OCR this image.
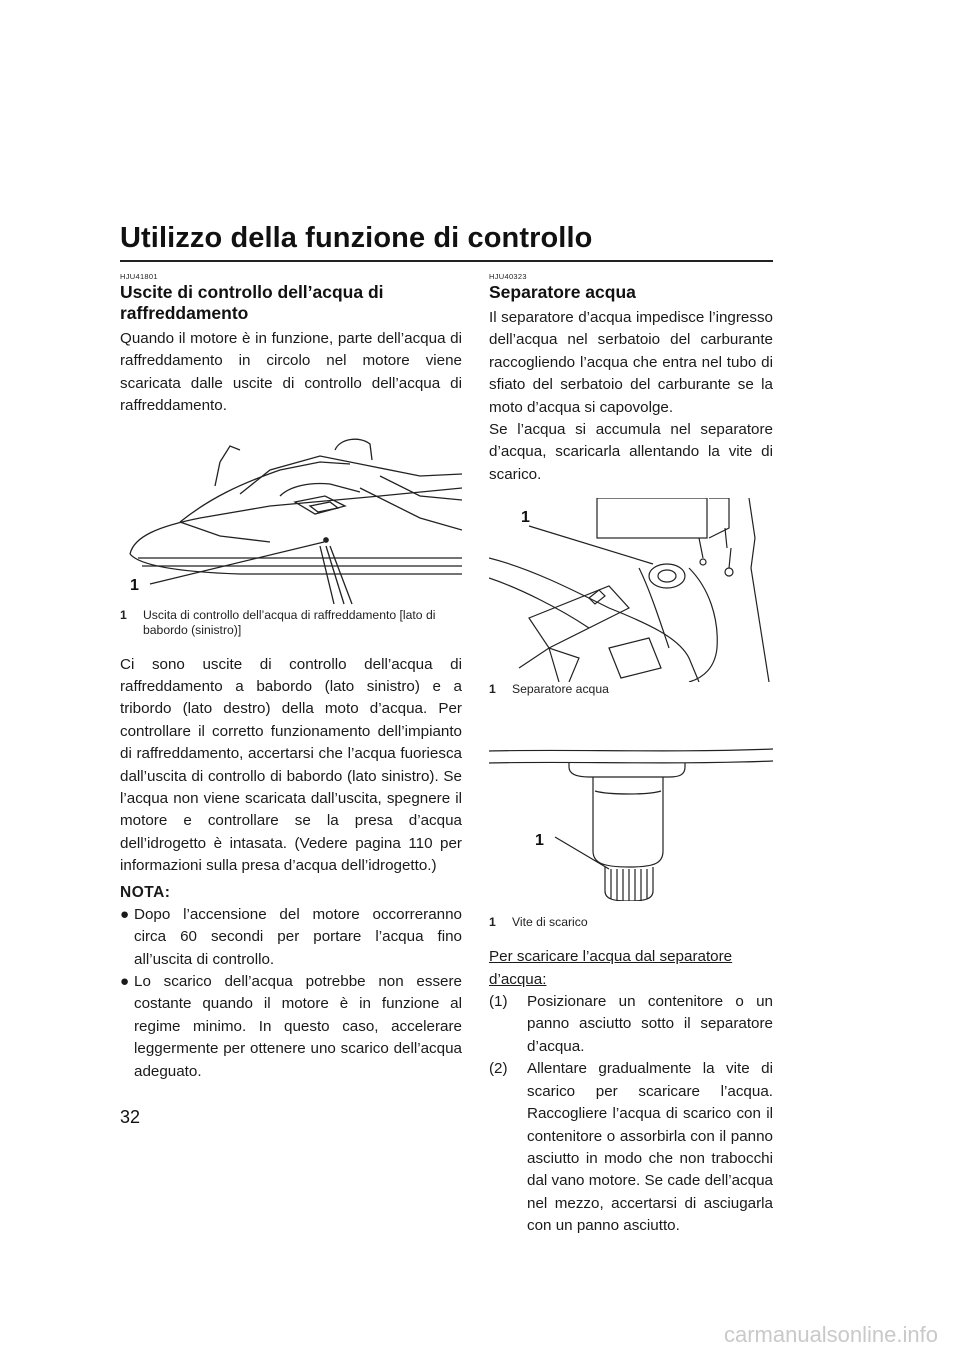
Utilizzo della funzione di controllo
HJU41801
Uscite di controllo dell’acqua di raffreddamento

Quando il motore è in funzione, parte dell’acqua di raffreddamento in circolo nel motore viene scaricata dalle uscite di controllo dell’acqua di raffreddamento.

1
1	Uscita di controllo dell’acqua di raffreddamento [lato di babordo (sinistro)]

Ci sono uscite di controllo dell’acqua di raffreddamento a babordo (lato sinistro) e a tribordo (lato destro) della moto d’acqua. Per controllare il corretto funzionamento dell’impianto di raffreddamento, accertarsi che l’acqua fuoriesca dall’uscita di controllo di babordo (lato sinistro). Se l’acqua non viene scaricata dall’uscita, spegnere il motore e controllare se la presa d’acqua dell’idrogetto è intasata. (Vedere pagina 110 per informazioni sulla presa d’acqua dell’idrogetto.)

NOTA:
● Dopo l’accensione del motore occorreranno circa 60 secondi per portare l’acqua fino all’uscita di controllo.
● Lo scarico dell’acqua potrebbe non essere costante quando il motore è in funzione al regime minimo. In questo caso, accelerare leggermente per ottenere uno scarico dell’acqua adeguato.
HJU40323
Separatore acqua

Il separatore d’acqua impedisce l’ingresso dell’acqua nel serbatoio del carburante raccogliendo l’acqua che entra nel tubo di sfiato del serbatoio del carburante se la moto d’acqua si capovolge.

Se l’acqua si accumula nel separatore d’acqua, scaricarla allentando la vite di scarico.

1
1	Separatore acqua
1
1	Vite di scarico
Per scaricare l’acqua dal separatore d’acqua:
(1) Posizionare un contenitore o un panno asciutto sotto il separatore d’acqua.
(2) Allentare gradualmente la vite di scarico per scaricare l’acqua. Raccogliere l’acqua di scarico con il contenitore o assorbirla con il panno asciutto in modo che non trabocchi dal vano motore. Se cade dell’acqua nel mezzo, accertarsi di asciugarla con un panno asciutto.
32
carmanualsonline.info
